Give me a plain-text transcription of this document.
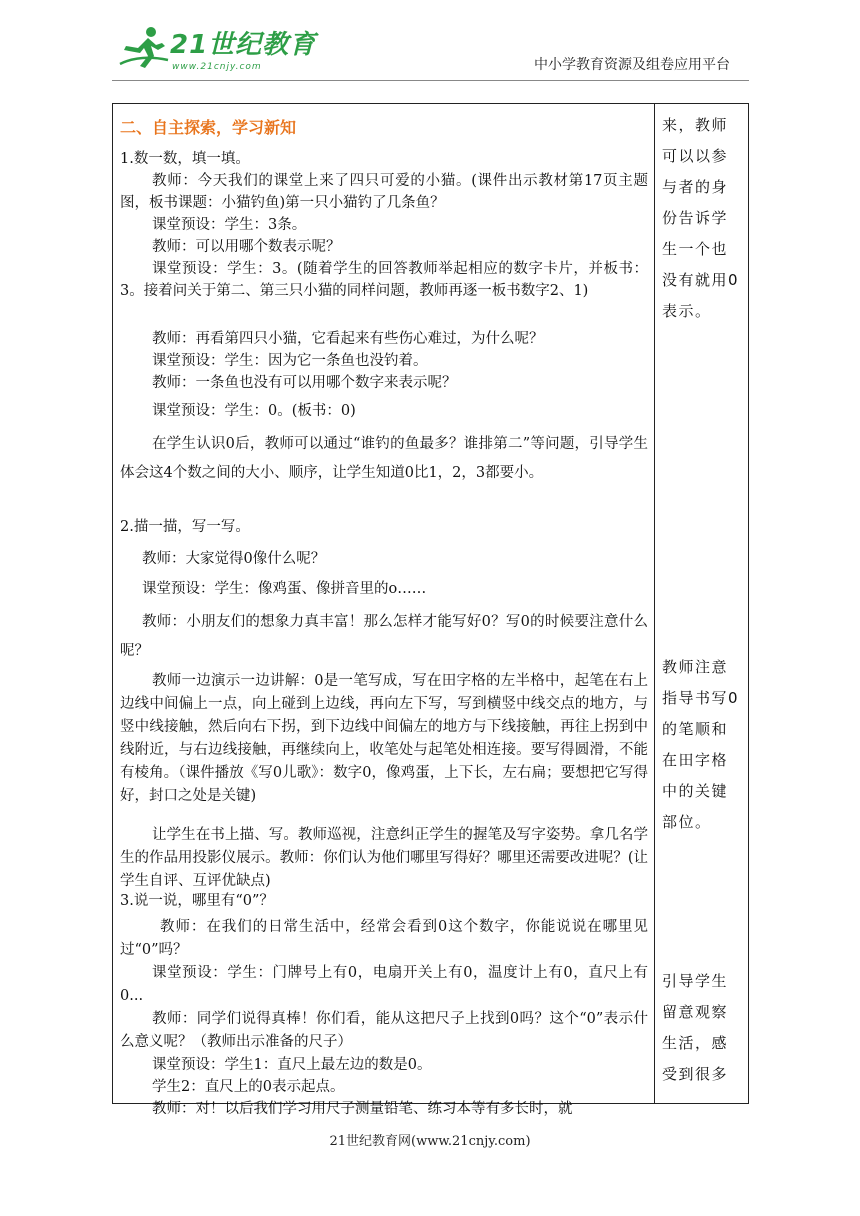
21世纪教育
www.21cnjy.com	中小学教育资源及组卷应用平台
二、自主探索，学习新知
1.数一数，填一填。
教师：今天我们的课堂上来了四只可爱的小猫。(课件出示教材第17页主题图，板书课题：小猫钓鱼)第一只小猫钓了几条鱼？
课堂预设：学生：3条。
教师：可以用哪个数表示呢？
课堂预设：学生：3。(随着学生的回答教师举起相应的数字卡片，并板书：3。接着问关于第二、第三只小猫的同样问题，教师再逐一板书数字2、1)
教师：再看第四只小猫，它看起来有些伤心难过，为什么呢？
课堂预设：学生：因为它一条鱼也没钓着。
教师：一条鱼也没有可以用哪个数字来表示呢？
课堂预设：学生：0。(板书：0)
在学生认识0后，教师可以通过“谁钓的鱼最多？谁排第二”等问题，引导学生体会这4个数之间的大小、顺序，让学生知道0比1，2，3都要小。
2.描一描，写一写。
教师：大家觉得0像什么呢？
课堂预设：学生：像鸡蛋、像拼音里的o……
教师：小朋友们的想象力真丰富！那么怎样才能写好0？写0的时候要注意什么呢？
教师一边演示一边讲解：0是一笔写成，写在田字格的左半格中，起笔在右上边线中间偏上一点，向上碰到上边线，再向左下写，写到横竖中线交点的地方，与竖中线接触，然后向右下拐，到下边线中间偏左的地方与下线接触，再往上拐到中线附近，与右边线接触，再继续向上，收笔处与起笔处相连接。要写得圆滑，不能有棱角。（课件播放《写0儿歌》：数字0，像鸡蛋，上下长，左右扁；要想把它写得好，封口之处是关键)
让学生在书上描、写。教师巡视，注意纠正学生的握笔及写字姿势。拿几名学生的作品用投影仪展示。教师：你们认为他们哪里写得好？哪里还需要改进呢？(让学生自评、互评优缺点)
3.说一说，哪里有“0”？
教师：在我们的日常生活中，经常会看到0这个数字，你能说说在哪里见过“0”吗？
课堂预设：学生：门牌号上有0，电扇开关上有0，温度计上有0，直尺上有0...
教师：同学们说得真棒！你们看，能从这把尺子上找到0吗？这个“0”表示什么意义呢？（教师出示准备的尺子）
课堂预设：学生1：直尺上最左边的数是0。
学生2：直尺上的0表示起点。
教师：对！以后我们学习用尺子测量铅笔、练习本等有多长时，就
来，教师可以以参与者的身份告诉学生一个也没有就用0表示。
教师注意指导书写0的笔顺和在田字格中的关键部位。
引导学生留意观察生活，感受到很多
21世纪教育网(www.21cnjy.com)
